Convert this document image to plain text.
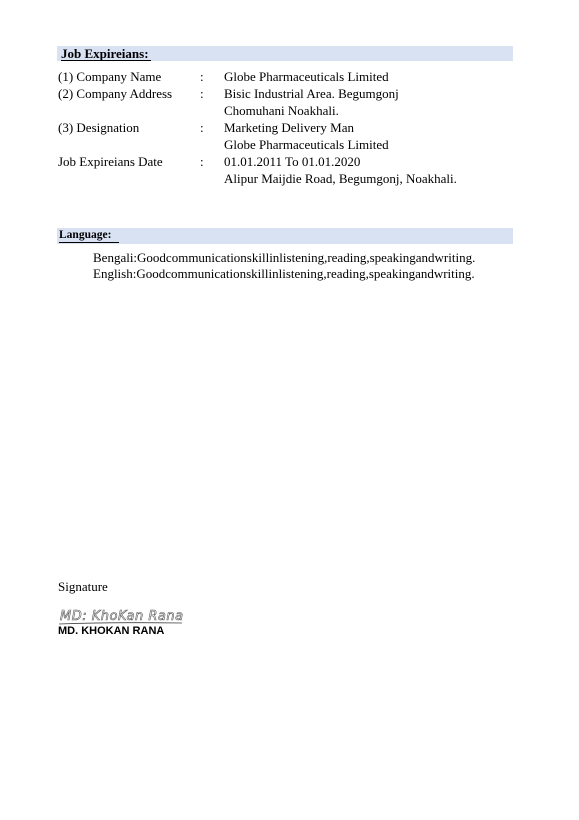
Job Expireians:
(1) Company Name	: Globe Pharmaceuticals Limited
(2) Company Address : Bisic Industrial Area. Begumgonj
Chomuhani Noakhali.
(3) Designation	: Marketing Delivery Man
Globe Pharmaceuticals Limited
Job Expireians Date	: 01.01.2011 To 01.01.2020
Alipur Maijdie Road, Begumgonj, Noakhali.
Language:
Bengali:Goodcommunicationskillinlistening,reading,speakingandwriting.
English:Goodcommunicationskillinlistening,reading,speakingandwriting.
Signature
MD: KhoKan Rana
MD. KHOKAN RANA
